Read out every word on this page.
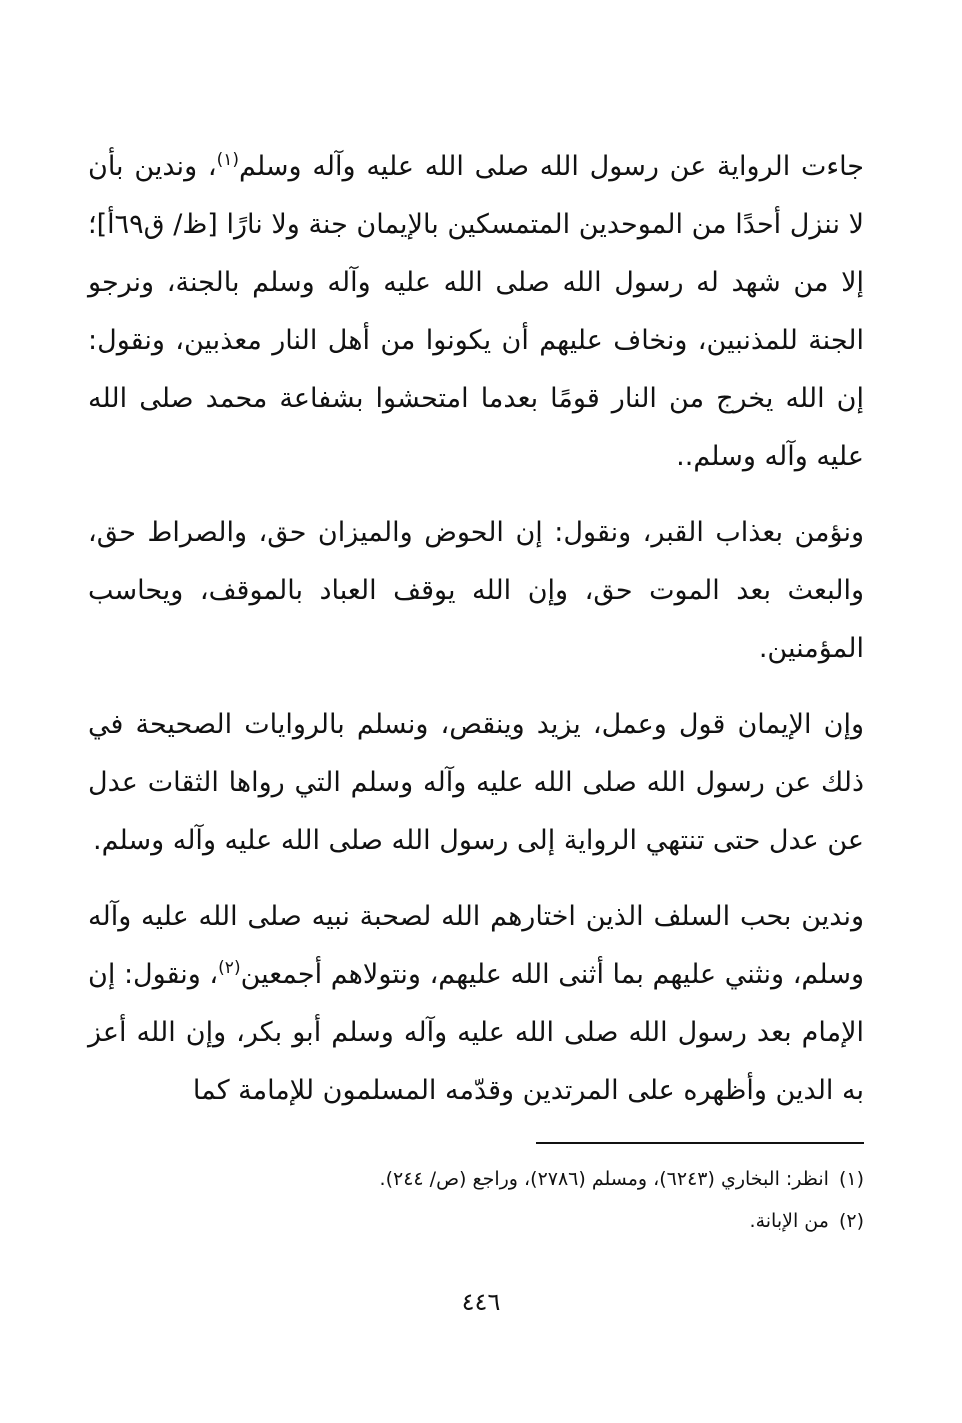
جاءت الرواية عن رسول الله صلى الله عليه وآله وسلم$^{(١)}$، وندين بأن لا ننزل أحدًا من الموحدين المتمسكين بالإيمان جنة ولا نارًا [ظ/ ق٦٩أ]؛ إلا من شهد له رسول الله صلى الله عليه وآله وسلم بالجنة، ونرجو الجنة للمذنبين، ونخاف عليهم أن يكونوا من أهل النار معذبين، ونقول: إن الله يخرج من النار قومًا بعدما امتحشوا بشفاعة محمد صلى الله عليه وآله وسلم..

ونؤمن بعذاب القبر، ونقول: إن الحوض والميزان حق، والصراط حق، والبعث بعد الموت حق، وإن الله يوقف العباد بالموقف، ويحاسب المؤمنين.

وإن الإيمان قول وعمل، يزيد وينقص، ونسلم بالروايات الصحيحة في ذلك عن رسول الله صلى الله عليه وآله وسلم التي رواها الثقات عدل عن عدل حتى تنتهي الرواية إلى رسول الله صلى الله عليه وآله وسلم.

وندين بحب السلف الذين اختارهم الله لصحبة نبيه صلى الله عليه وآله وسلم، ونثني عليهم بما أثنى الله عليهم، ونتولاهم أجمعين$^{(٢)}$، ونقول: إن الإمام بعد رسول الله صلى الله عليه وآله وسلم أبو بكر، وإن الله أعز به الدين وأظهره على المرتدين وقدّمه المسلمون للإمامة كما

(١)انظر: البخاري (٦٢٤٣)، ومسلم (٢٧٨٦)، وراجع (ص/ ٢٤٤).

(٢)من الإبانة.

٤٤٦
